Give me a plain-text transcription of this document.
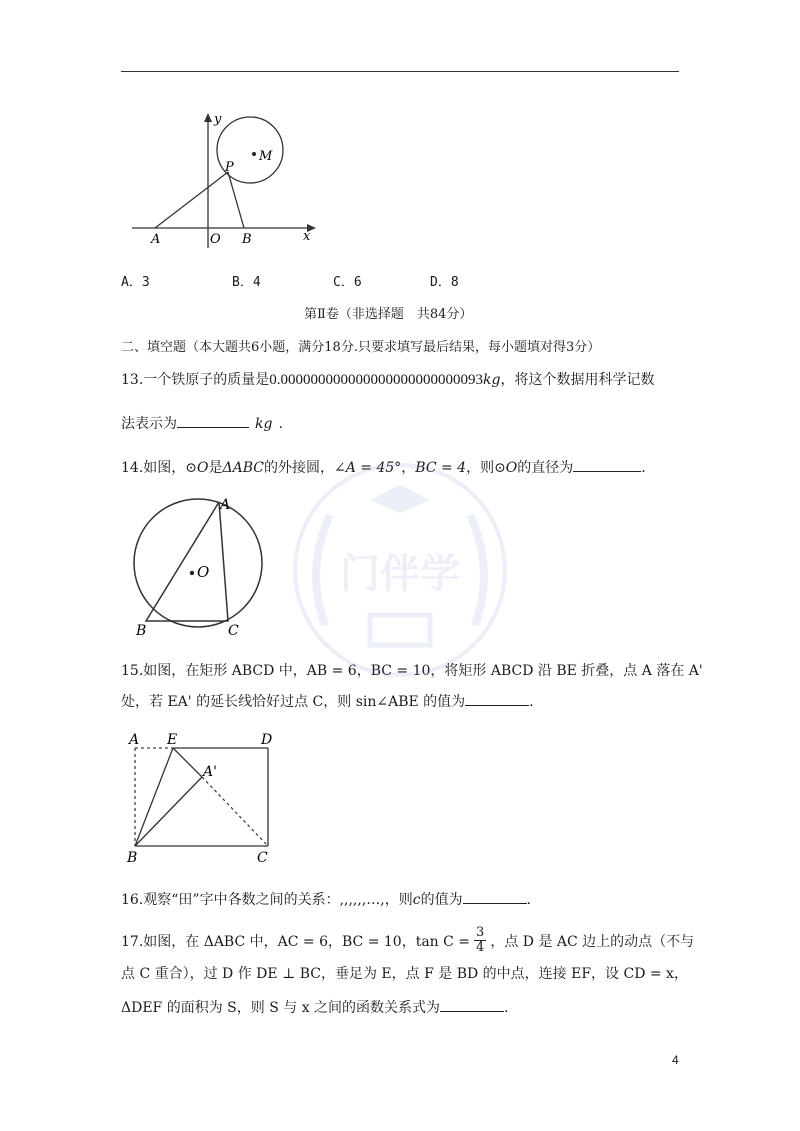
y
x
M
P
A	O B
A．3	B．4	C．6	D．8
第Ⅱ卷（非选择题　共84分）
二、填空题（本大题共6小题，满分18分.只要求填写最后结果，每小题填对得3分）
13.一个铁原子的质量是0.000000000000000000000000093kg，将这个数据用科学记数
法表示为	kg .
14.如图，⊙O是ΔABC的外接圆，∠A = 45°，BC = 4，则⊙O的直径为	.
A
O
B	C
15.如图，在矩形 ABCD 中，AB = 6，BC = 10，将矩形 ABCD 沿 BE 折叠，点 A 落在 A'
处，若 EA' 的延长线恰好过点 C，则 sin∠ABE 的值为	.
A E	D
A'
B	C
16.观察“田”字中各数之间的关系：,,,,,,…,，则c的值为	.
17.如图，在 ΔABC 中，AC = 6，BC = 10，$\tan C = \frac{3}{4}$ ，点 D 是 AC 边上的动点（不与
点 C 重合），过 D 作 DE ⊥ BC，垂足为 E，点 F 是 BD 的中点，连接 EF，设 CD = x，
ΔDEF 的面积为 S，则 S 与 x 之间的函数关系式为	.
4
门伴学
